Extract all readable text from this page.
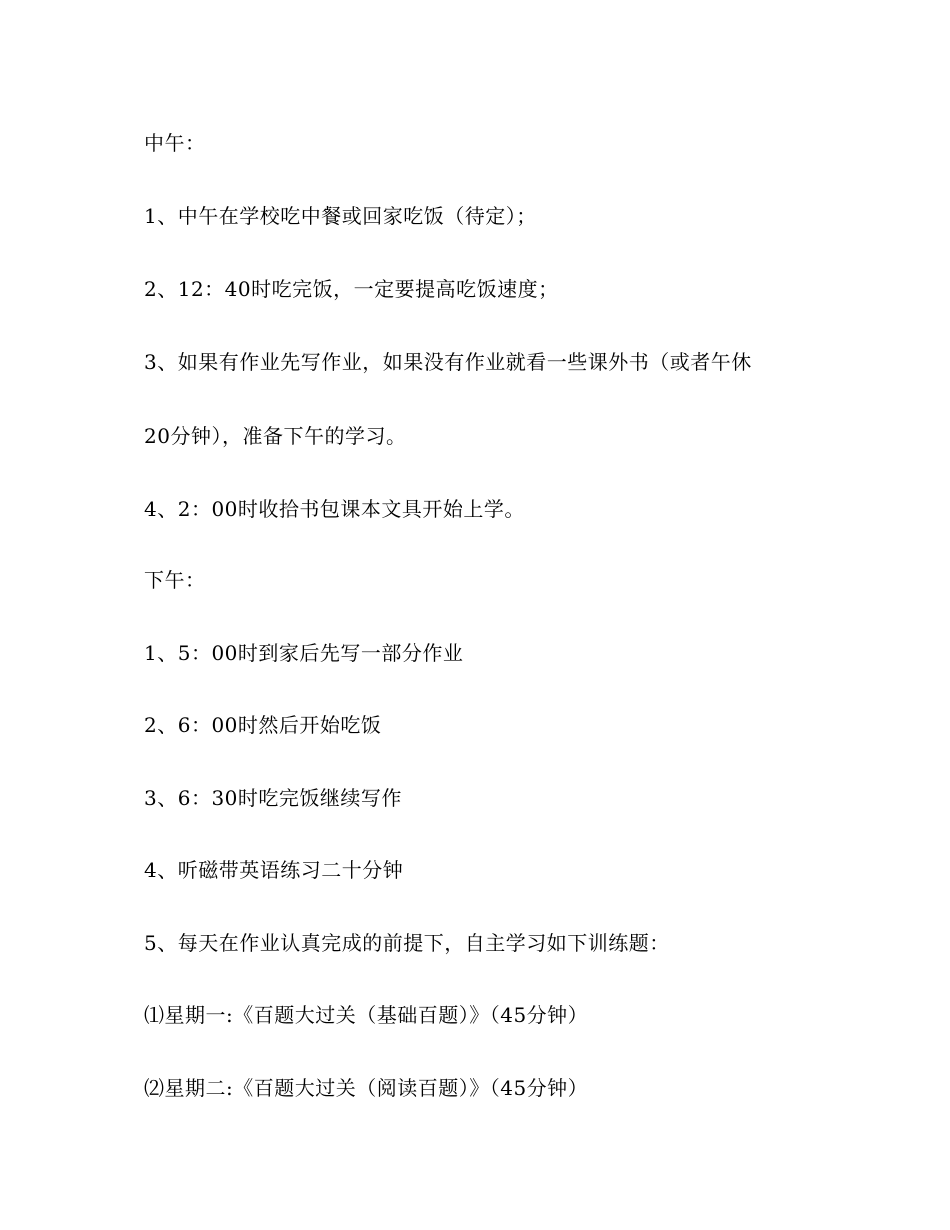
中午：
1、中午在学校吃中餐或回家吃饭（待定）；
2、12：40时吃完饭，一定要提高吃饭速度；
3、如果有作业先写作业，如果没有作业就看一些课外书（或者午休
20分钟），准备下午的学习。
4、2：00时收拾书包课本文具开始上学。
下午：
1、5：00时到家后先写一部分作业
2、6：00时然后开始吃饭
3、6：30时吃完饭继续写作
4、听磁带英语练习二十分钟
5、每天在作业认真完成的前提下，自主学习如下训练题：
⑴星期一:《百题大过关（基础百题）》（45分钟）
⑵星期二:《百题大过关（阅读百题）》（45分钟）
